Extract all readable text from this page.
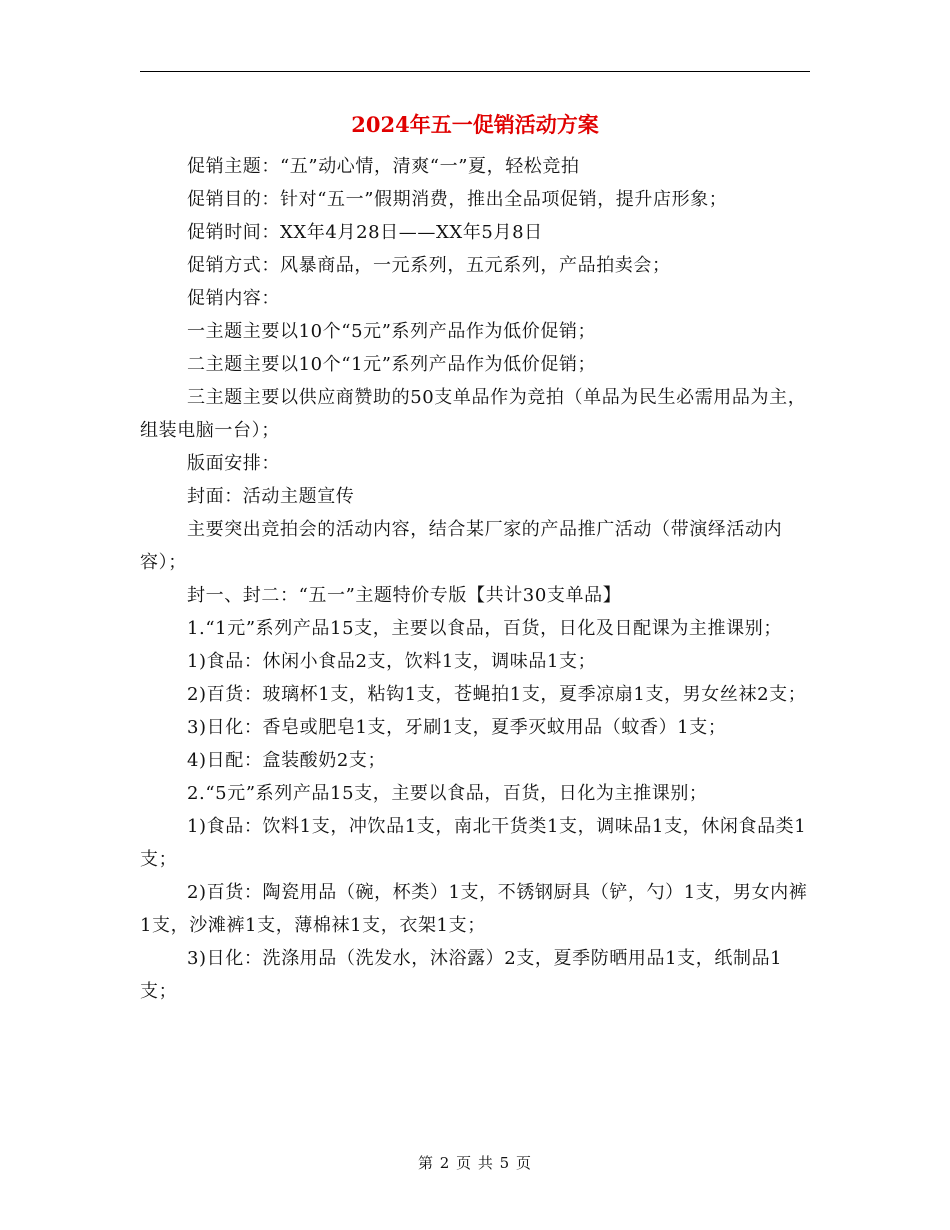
2024年五一促销活动方案

促销主题：“五”动心情，清爽“一”夏，轻松竞拍

促销目的：针对“五一”假期消费，推出全品项促销，提升店形象；

促销时间：XX年4月28日——XX年5月8日

促销方式：风暴商品，一元系列，五元系列，产品拍卖会；

促销内容：

一主题主要以10个“5元”系列产品作为低价促销；

二主题主要以10个“1元”系列产品作为低价促销；

三主题主要以供应商赞助的50支单品作为竞拍（单品为民生必需用品为主，组装电脑一台）；

版面安排：

封面：活动主题宣传

主要突出竞拍会的活动内容，结合某厂家的产品推广活动（带演绎活动内容）；

封一、封二：“五一”主题特价专版【共计30支单品】

1.“1元”系列产品15支，主要以食品，百货，日化及日配课为主推课别；

1)食品：休闲小食品2支，饮料1支，调味品1支；

2)百货：玻璃杯1支，粘钩1支，苍蝇拍1支，夏季凉扇1支，男女丝袜2支；

3)日化：香皂或肥皂1支，牙刷1支，夏季灭蚊用品（蚊香）1支；

4)日配：盒装酸奶2支；

2.“5元”系列产品15支，主要以食品，百货，日化为主推课别；

1)食品：饮料1支，冲饮品1支，南北干货类1支，调味品1支，休闲食品类1支；

2)百货：陶瓷用品（碗，杯类）1支，不锈钢厨具（铲，勺）1支，男女内裤1支，沙滩裤1支，薄棉袜1支，衣架1支；

3)日化：洗涤用品（洗发水，沐浴露）2支，夏季防晒用品1支，纸制品1支；

第 2 页 共 5 页
